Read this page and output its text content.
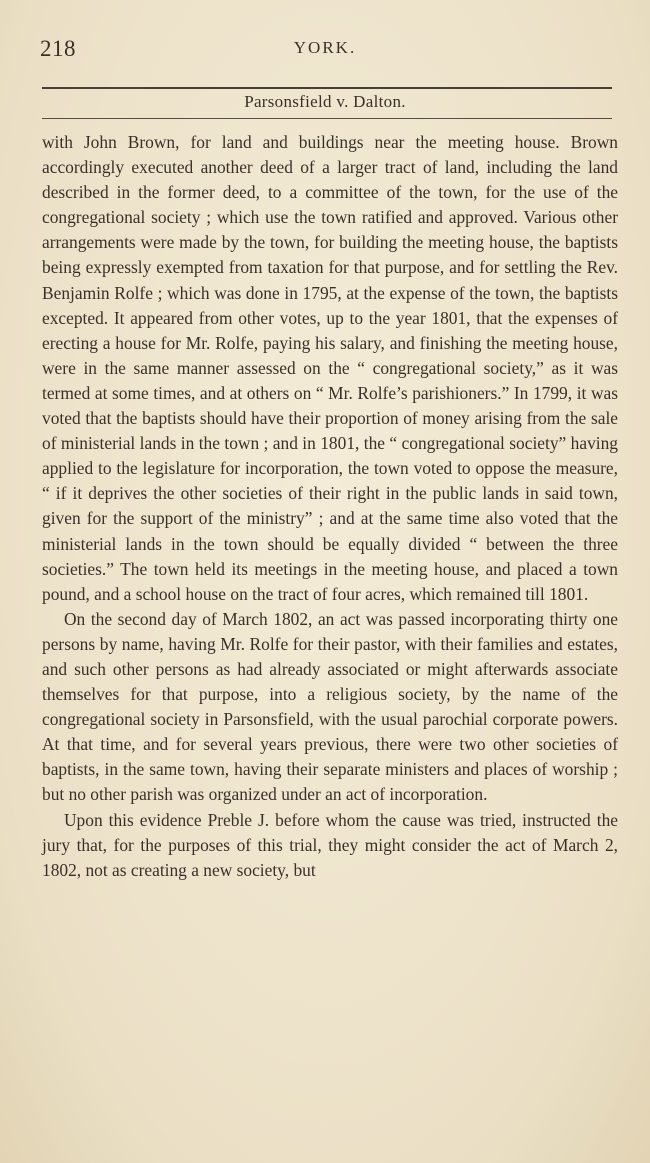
218	YORK.
Parsonsfield v. Dalton.

with John Brown, for land and buildings near the meeting house. Brown accordingly executed another deed of a larger tract of land, including the land described in the former deed, to a committee of the town, for the use of the congregational society ; which use the town ratified and approved. Various other arrangements were made by the town, for building the meeting house, the baptists being expressly exempted from taxation for that purpose, and for settling the Rev. Benjamin Rolfe ; which was done in 1795, at the expense of the town, the baptists excepted. It appeared from other votes, up to the year 1801, that the expenses of erecting a house for Mr. Rolfe, paying his salary, and finishing the meeting house, were in the same manner assessed on the “ congregational society,” as it was termed at some times, and at others on “ Mr. Rolfe’s parishioners.” In 1799, it was voted that the baptists should have their proportion of money arising from the sale of ministerial lands in the town ; and in 1801, the “ congregational society” having applied to the legislature for incorporation, the town voted to oppose the measure, “ if it deprives the other societies of their right in the public lands in said town, given for the support of the ministry” ; and at the same time also voted that the ministerial lands in the town should be equally divided “ between the three societies.” The town held its meetings in the meeting house, and placed a town pound, and a school house on the tract of four acres, which remained till 1801.

On the second day of March 1802, an act was passed incorporating thirty one persons by name, having Mr. Rolfe for their pastor, with their families and estates, and such other persons as had already associated or might afterwards associate themselves for that purpose, into a religious society, by the name of the congregational society in Parsonsfield, with the usual parochial corporate powers. At that time, and for several years previous, there were two other societies of baptists, in the same town, having their separate ministers and places of worship ; but no other parish was organized under an act of incorporation.

Upon this evidence Preble J. before whom the cause was tried, instructed the jury that, for the purposes of this trial, they might consider the act of March 2, 1802, not as creating a new society, but
